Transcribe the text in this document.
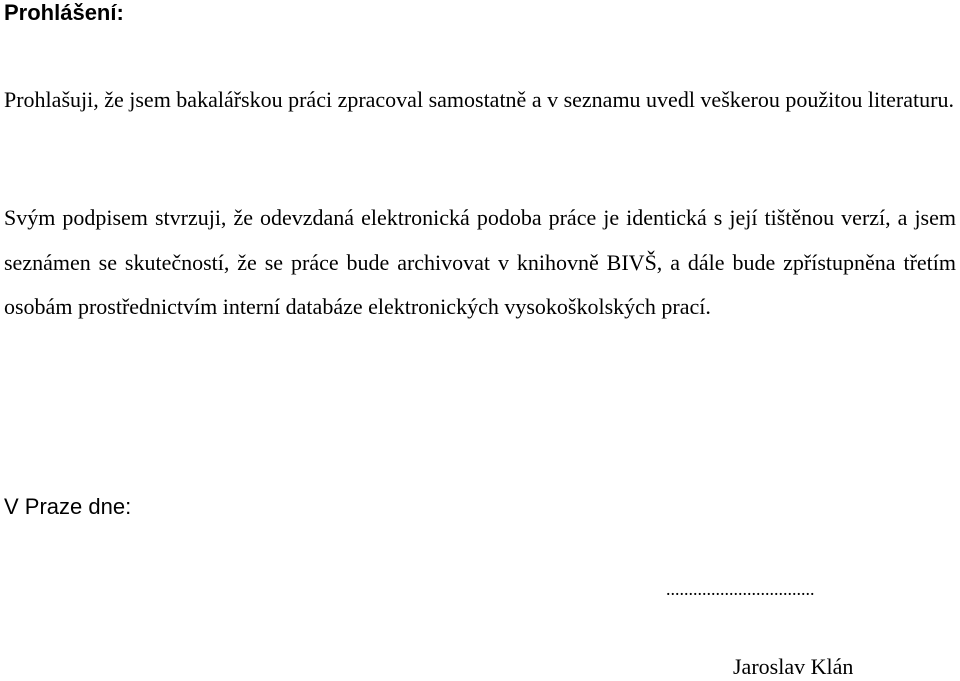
Prohlášení:

Prohlašuji, že jsem bakalářskou práci zpracoval samostatně a v seznamu uvedl veškerou použitou literaturu.

Svým podpisem stvrzuji, že odevzdaná elektronická podoba práce je identická s její tištěnou verzí, a jsem seznámen se skutečností, že se práce bude archivovat v knihovně BIVŠ, a dále bude zpřístupněna třetím osobám prostřednictvím interní databáze elektronických vysokoškolských prací.

V Praze dne:

.................................

Jaroslav Klán
